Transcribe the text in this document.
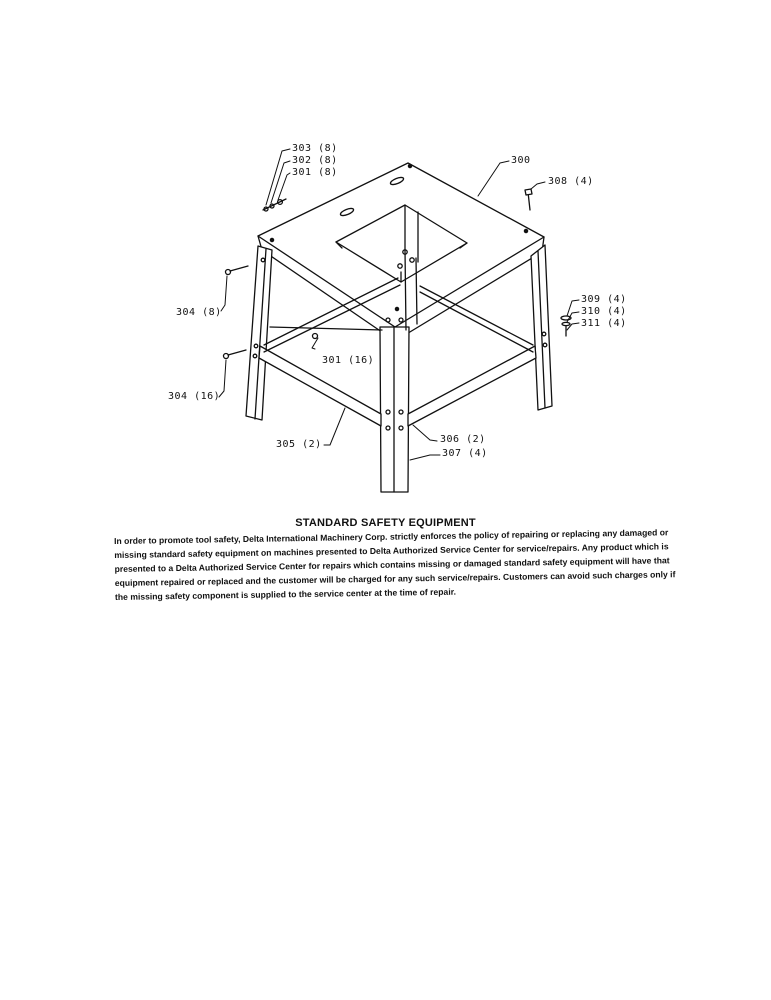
303 (8)
302 (8)
301 (8)
300
308 (4)
304 (8)
309 (4)
310 (4)
311 (4)
301 (16)
304 (16)
305 (2)	306 (2)
307 (4)
STANDARD SAFETY EQUIPMENT
In order to promote tool safety, Delta International Machinery Corp. strictly enforces the policy of repairing or replacing any damaged or missing standard safety equipment on machines presented to Delta Authorized Service Center for service/repairs. Any product which is presented to a Delta Authorized Service Center for repairs which contains missing or damaged standard safety equipment will have that equipment repaired or replaced and the customer will be charged for any such service/repairs. Customers can avoid such charges only if the missing safety component is supplied to the service center at the time of repair.
